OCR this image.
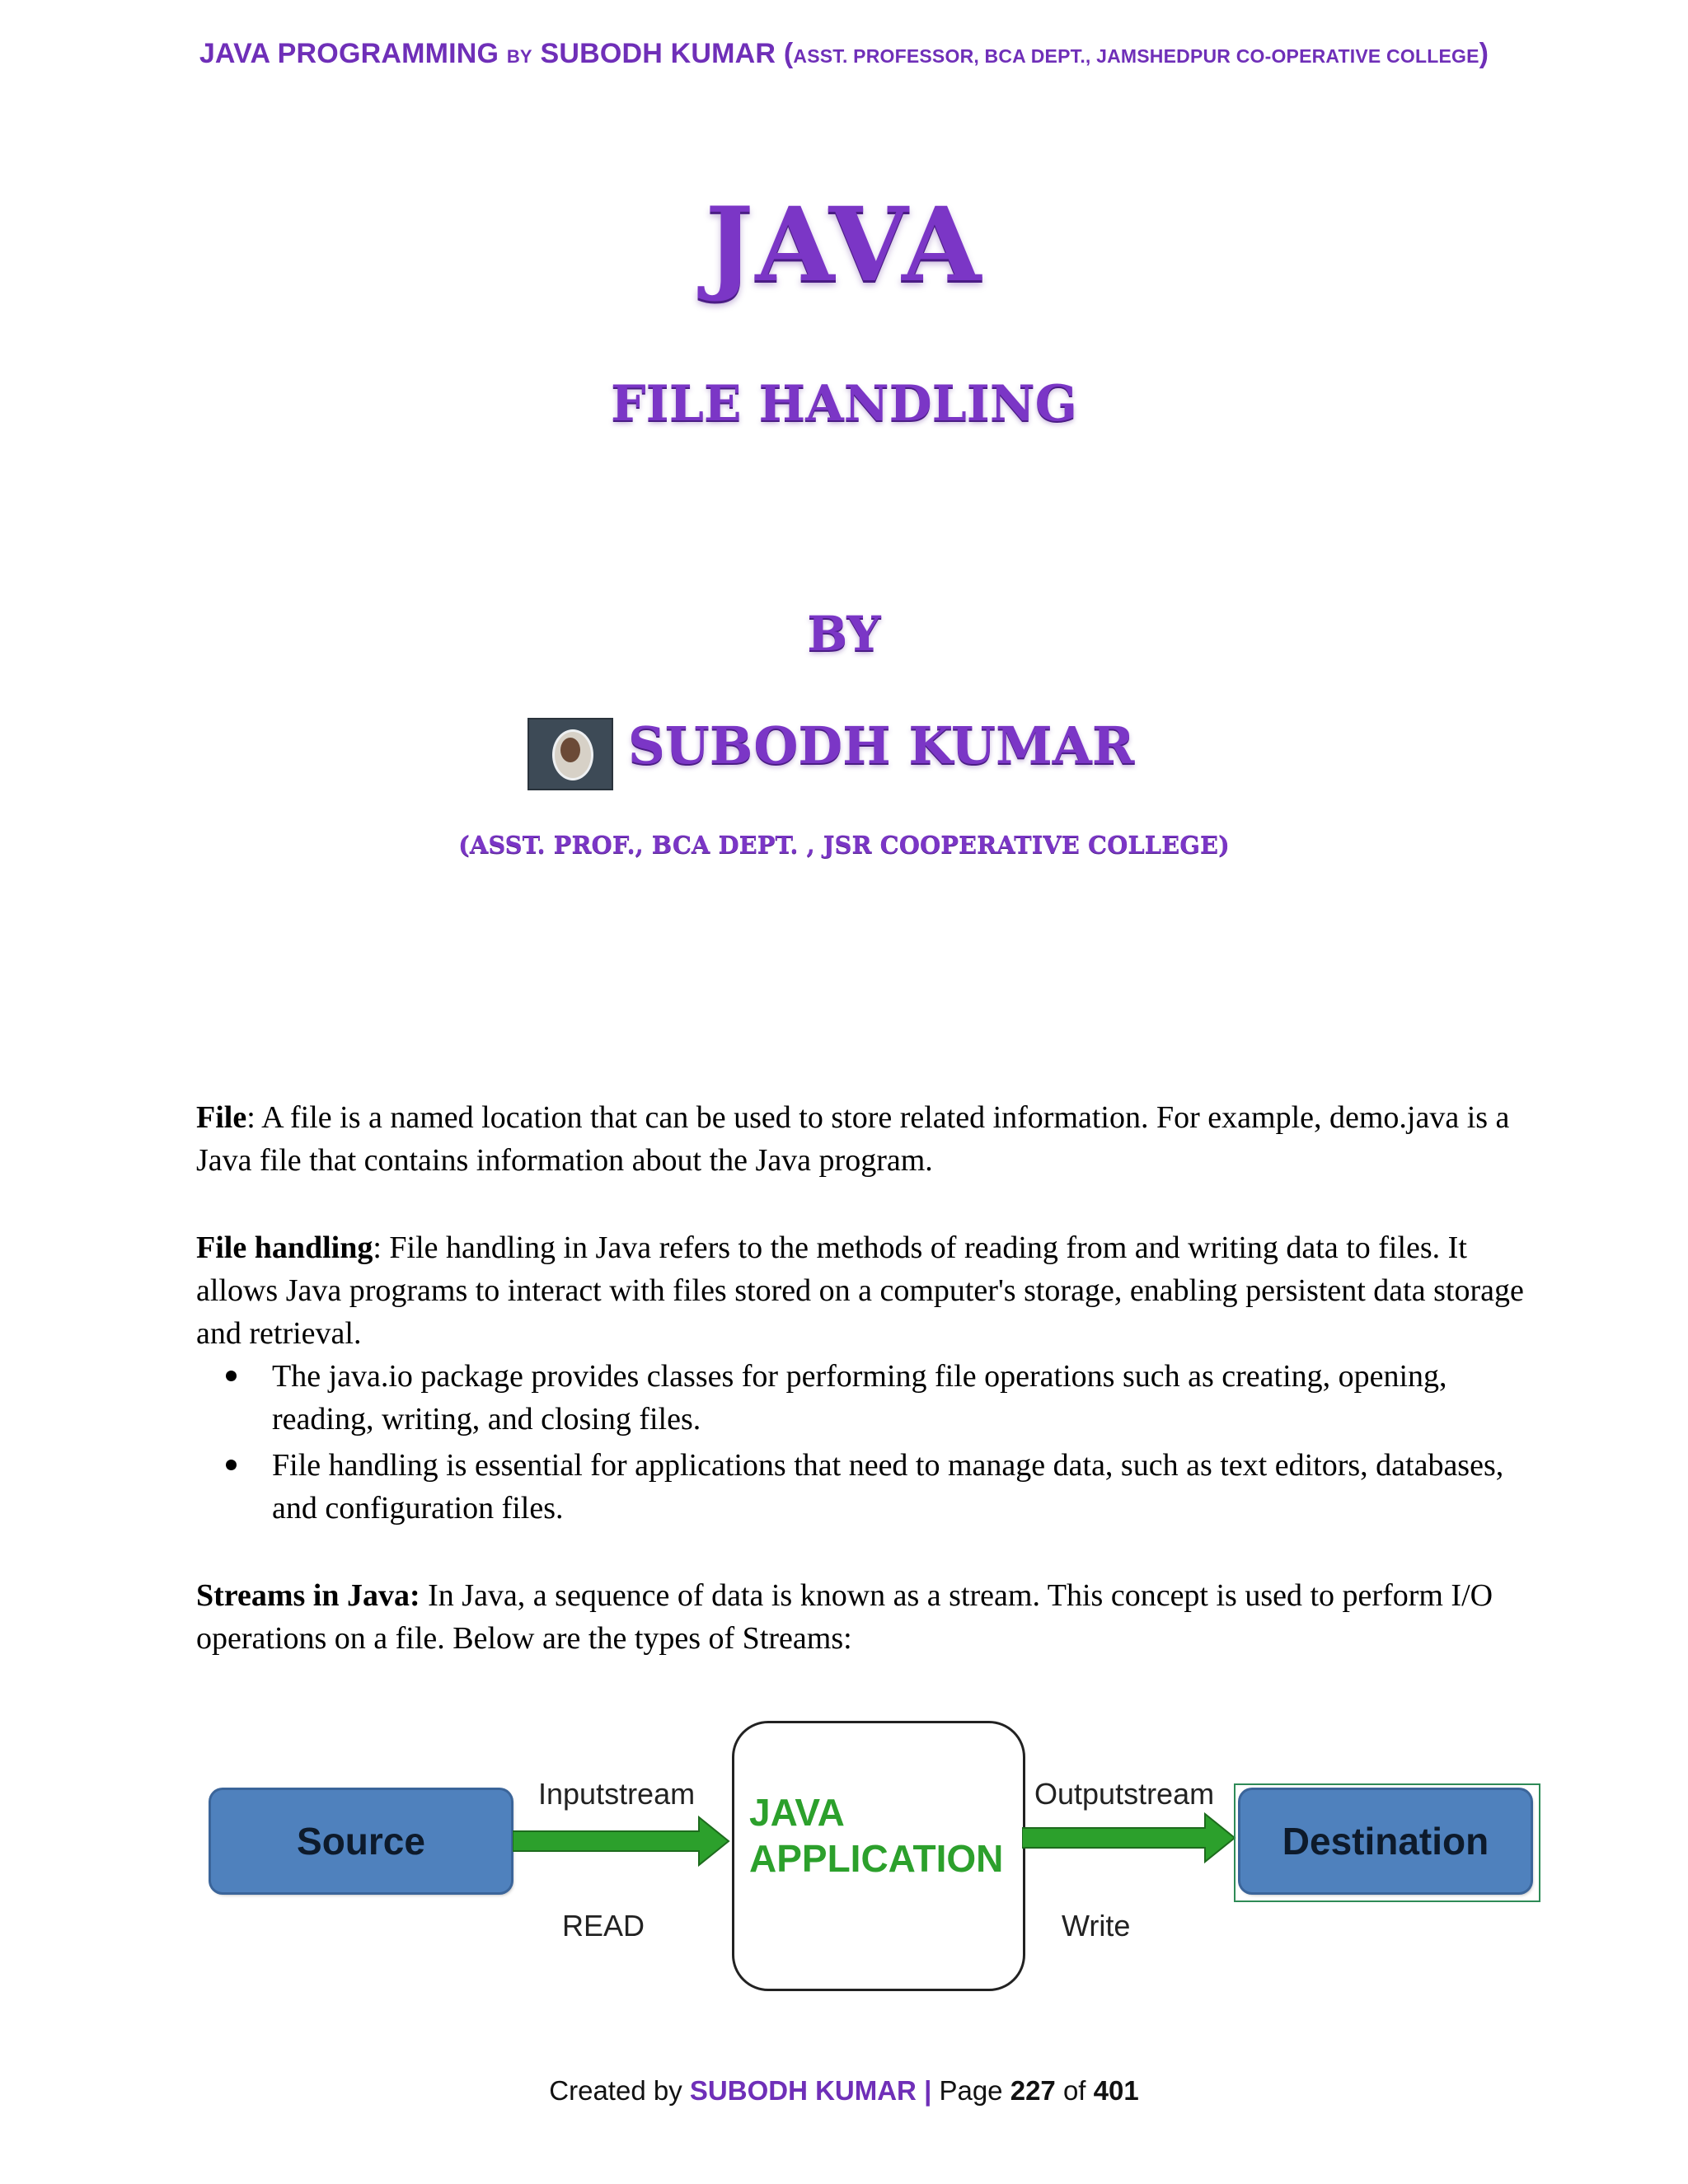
JAVA PROGRAMMING BY SUBODH KUMAR (ASST. PROFESSOR, BCA DEPT., JAMSHEDPUR CO-OPERATIVE COLLEGE)
JAVA
FILE HANDLING
BY
SUBODH KUMAR
(ASST. PROF., BCA DEPT. , JSR COOPERATIVE COLLEGE)
File: A file is a named location that can be used to store related information. For example, demo.java is a Java file that contains information about the Java program.
File handling: File handling in Java refers to the methods of reading from and writing data to files. It allows Java programs to interact with files stored on a computer's storage, enabling persistent data storage and retrieval.
The java.io package provides classes for performing file operations such as creating, opening, reading, writing, and closing files.
File handling is essential for applications that need to manage data, such as text editors, databases, and configuration files.
Streams in Java: In Java, a sequence of data is known as a stream. This concept is used to perform I/O operations on a file. Below are the types of Streams:
Source
Inputstream
READ
JAVA
APPLICATION
Outputstream
Write
Destination
Created by SUBODH KUMAR | Page 227 of 401
